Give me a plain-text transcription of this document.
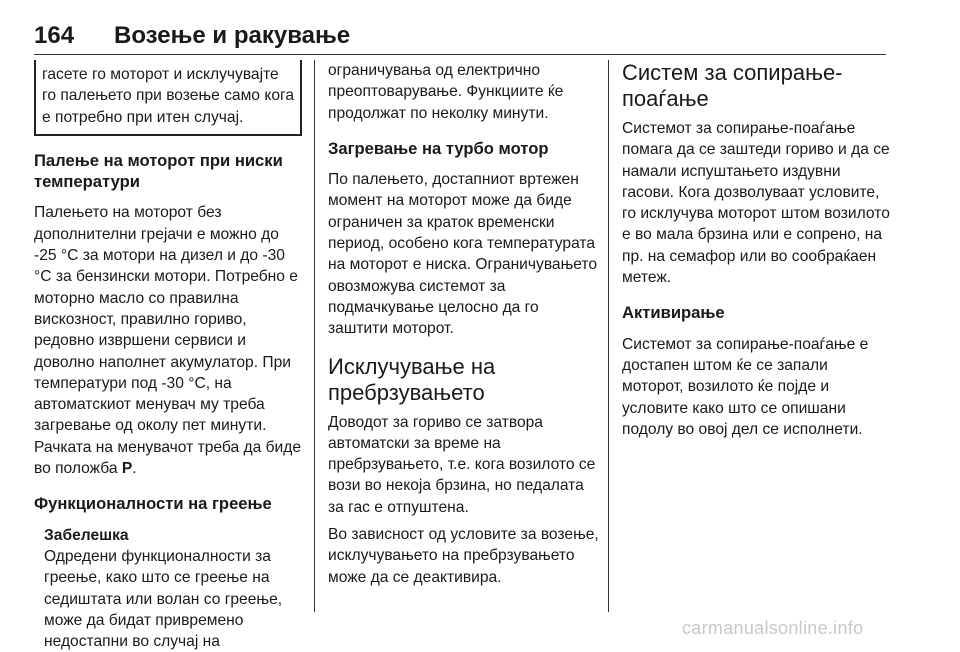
164 Возење и ракување

гасете го моторот и исклучувајте го палењето при возење само кога е потребно при итен случај.

Палење на моторот при ниски температури

Палењето на моторот без дополнителни грејачи е можно до -25 °C за мотори на дизел и до -30 °C за бензински мотори. Потребно е моторно масло со правилна вискозност, правилно гориво, редовно извршени сервиси и доволно наполнет акумулатор. При температури под -30 °C, на автоматскиот менувач му треба загревање од околу пет минути. Рачката на менувачот треба да биде во положба P.

Функционалности на греење
Забелешка

Одредени функционалности за греење, како што се греење на седиштата или волан со греење, може да бидат привремено недостапни во случај на

ограничувања од електрично преоптоварување. Функциите ќе продолжат по неколку минути.

Загревање на турбо мотор

По палењето, достапниот вртежен момент на моторот може да биде ограничен за краток временски период, особено кога температурата на моторот е ниска. Ограничувањето овозможува системот за подмачкување целосно да го заштити моторот.

Исклучување на пребрзувањето

Доводот за гориво се затвора автоматски за време на пребрзувањето, т.е. кога возилото се вози во некоја брзина, но педалата за гас е отпуштена.

Во зависност од условите за возење, исклучувањето на пребрзувањето може да се деактивира.

Систем за сопирање-поаѓање

Системот за сопирање-поаѓање помага да се заштеди гориво и да се намали испуштањето издувни гасови. Кога дозволуваат условите, го исклучува моторот штом возилото е во мала брзина или е сопрено, на пр. на семафор или во сообраќаен метеж.

Активирање

Системот за сопирање-поаѓање е достапен штом ќе се запали моторот, возилото ќе појде и условите како што се опишани подолу во овој дел се исполнети.

carmanualsonline.info
